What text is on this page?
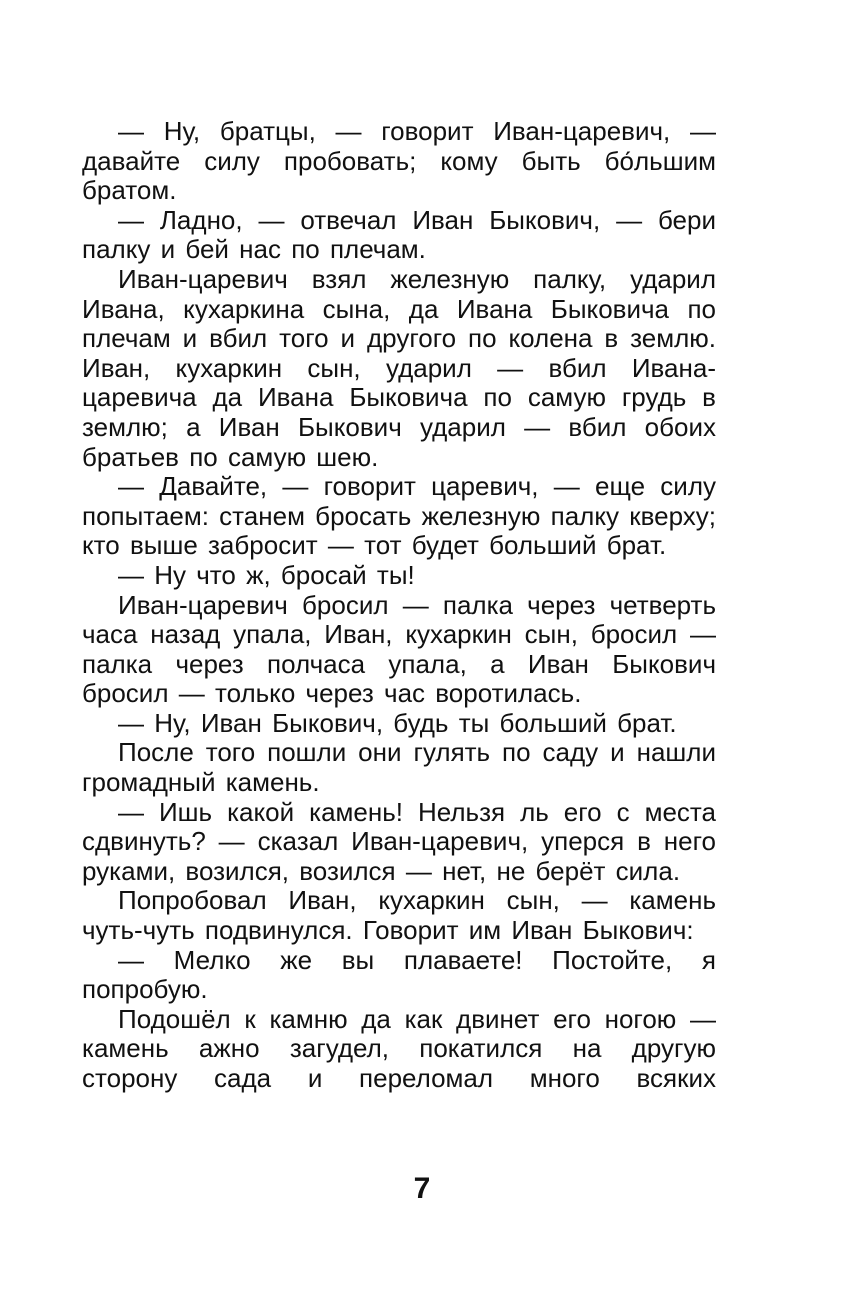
— Ну, братцы, — говорит Иван-царевич, — давайте силу пробовать; кому быть бо́льшим братом.

— Ладно, — отвечал Иван Быкович, — бери палку и бей нас по плечам.

Иван-царевич взял железную палку, ударил Ивана, кухаркина сына, да Ивана Быковича по плечам и вбил того и другого по колена в землю. Иван, кухаркин сын, ударил — вбил Ивана-царевича да Ивана Быковича по самую грудь в землю; а Иван Быкович ударил — вбил обоих братьев по самую шею.

— Давайте, — говорит царевич, — еще силу попытаем: станем бросать железную палку кверху; кто выше забросит — тот будет больший брат.

— Ну что ж, бросай ты!

Иван-царевич бросил — палка через четверть часа назад упала, Иван, кухаркин сын, бросил — палка через полчаса упала, а Иван Быкович бросил — только через час воротилась.

— Ну, Иван Быкович, будь ты больший брат.

После того пошли они гулять по саду и нашли громадный камень.

— Ишь какой камень! Нельзя ль его с места сдвинуть? — сказал Иван-царевич, уперся в него руками, возился, возился — нет, не берёт сила.

Попробовал Иван, кухаркин сын, — камень чуть-чуть подвинулся. Говорит им Иван Быкович:

— Мелко же вы плаваете! Постойте, я попробую.

Подошёл к камню да как двинет его ногою — камень ажно загудел, покатился на другую сторону сада и переломал много всяких

7
